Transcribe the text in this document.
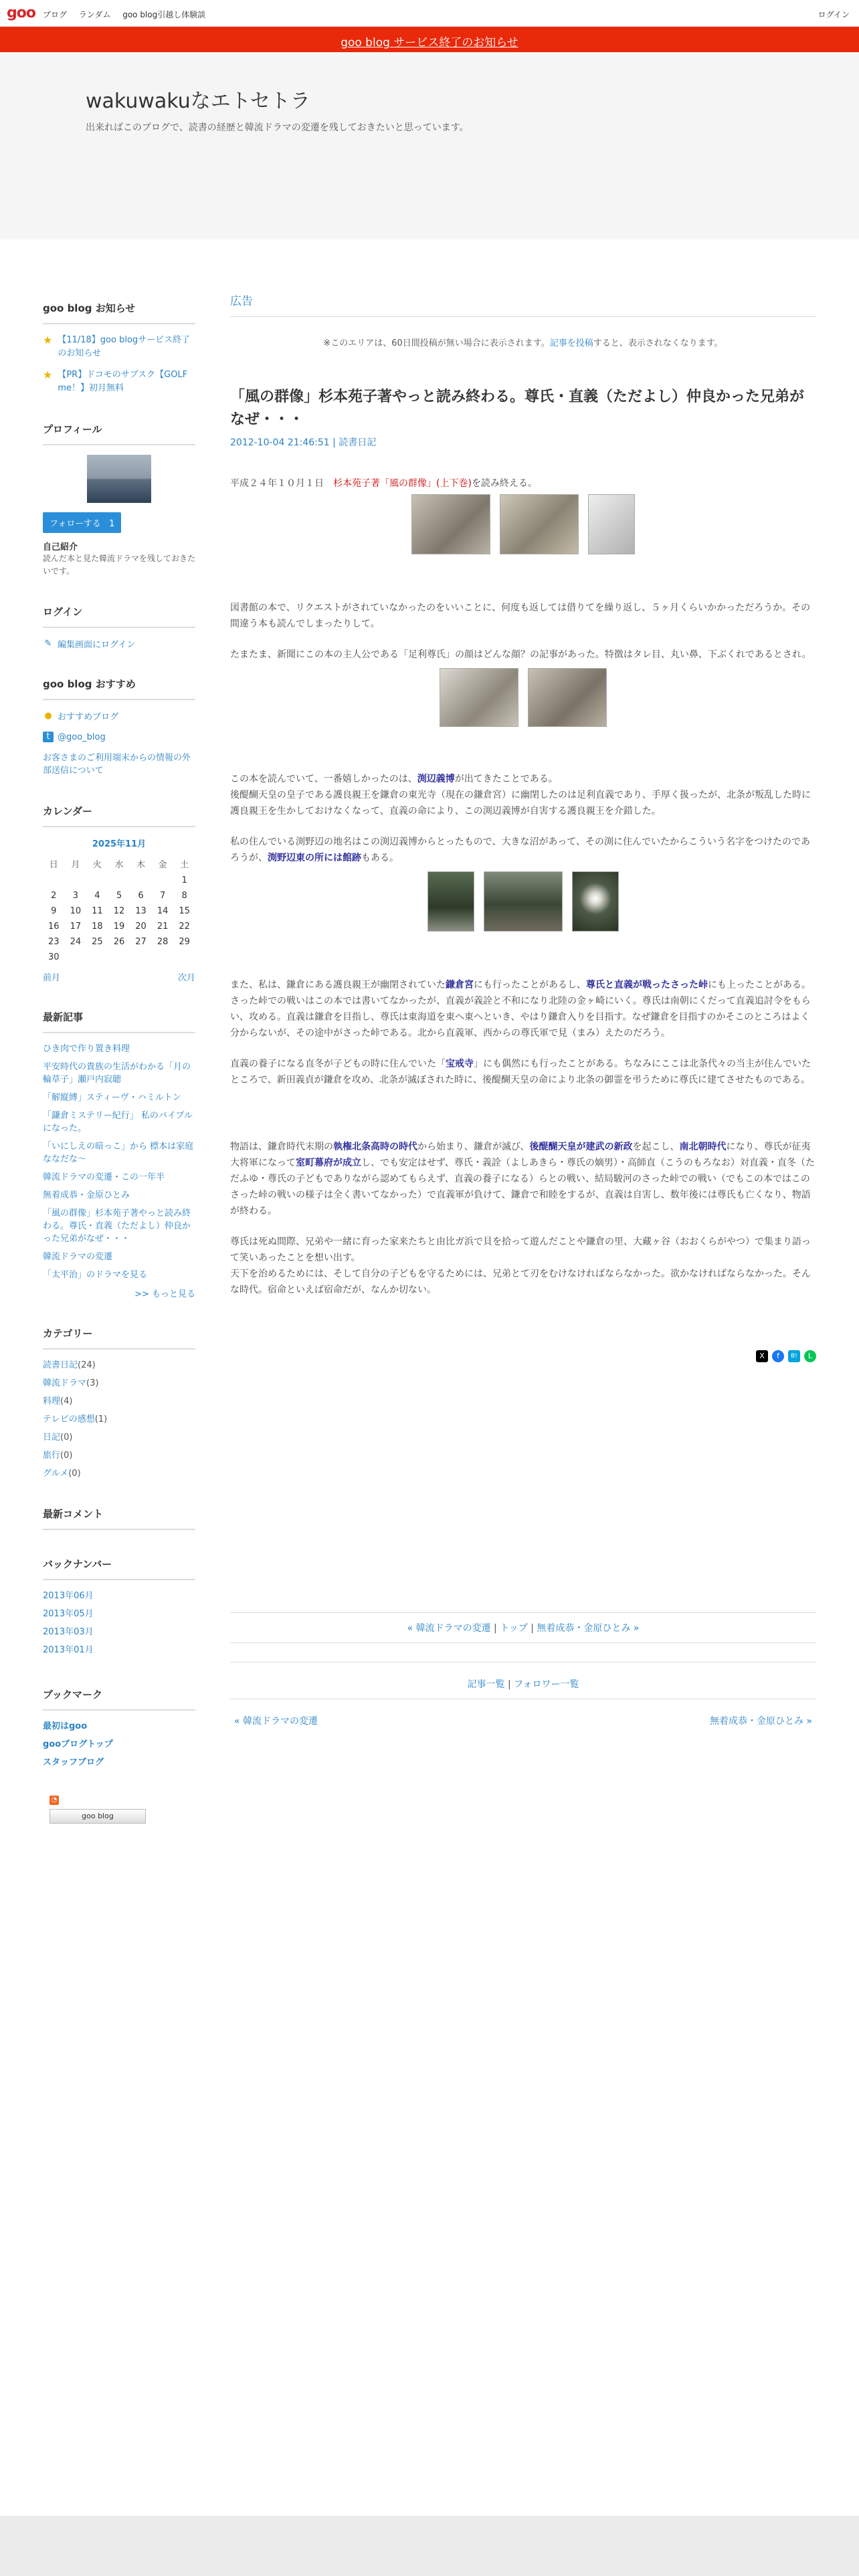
goo ブログ ランダム goo blog引越し体験談	ログイン
goo blog サービス終了のお知らせ
wakuwakuなエトセトラ
出来ればこのブログで、読書の経歴と韓流ドラマの変遷を残しておきたいと思っています。
goo blog お知らせ
★ 【11/18】goo blogサービス終了のお知らせ
★ 【PR】ドコモのサブスク【GOLF me！】初月無料
プロフィール
フォローする 1
自己紹介
読んだ本と見た韓流ドラマを残しておきたいです。
ログイン
✎ 編集画面にログイン
goo blog おすすめ
● おすすめブログ
t @goo_blog
お客さまのご利用端末からの情報の外部送信について
カレンダー
2025年11月
日	月	火	水	木	金	土
						1
2	3	4	5	6	7	8
9	10	11	12	13	14	15
16	17	18	19	20	21	22
23	24	25	26	27	28	29
30						
前月	次月
最新記事
ひき肉で作り置き料理
平安時代の貴族の生活がわかる「月の輪草子」瀬戸内寂聴
「解縦縛」スティーヴ・ハミルトン
「鎌倉ミステリー紀行」 私のバイブルになった。
「いにしえの暗っこ」から 標本は家庭ななだな〜
韓流ドラマの変遷・この一年半
無着成恭・金原ひとみ
「風の群像」杉本苑子著やっと読み終わる。尊氏・直義（ただよし）仲良かった兄弟がなぜ・・・
韓流ドラマの変遷
「太平治」のドラマを見る
>> もっと見る
カテゴリー
読書日記(24)
韓流ドラマ(3)
料理(4)
テレビの感想(1)
日記(0)
旅行(0)
グルメ(0)
最新コメント
バックナンバー
2013年06月
2013年05月
2013年03月
2013年01月
ブックマーク
最初はgoo
gooブログトップ
スタッフブログ
◔
goo blog
広告
※このエリアは、60日間投稿が無い場合に表示されます。記事を投稿すると、表示されなくなります。
「風の群像」杉本苑子著やっと読み終わる。尊氏・直義（ただよし）仲良かった兄弟がなぜ・・・
2012-10-04 21:46:51 | 読書日記
平成２４年１０月１日　杉本苑子著「風の群像」(上下巻)を読み終える。
図書館の本で、リクエストがされていなかったのをいいことに、何度も返しては借りてを繰り返し、５ヶ月くらいかかっただろうか。その間違う本も読んでしまったりして。
たまたま、新聞にこの本の主人公である「足利尊氏」の顔はどんな顔？の記事があった。特徴はタレ目、丸い鼻、下ぶくれであるとされ。
この本を読んでいて、一番嬉しかったのは、渕辺義博が出てきたことである。
後醍醐天皇の皇子である護良親王を鎌倉の東光寺（現在の鎌倉宮）に幽閉したのは足利直義であり、手厚く扱ったが、北条が叛乱した時に護良親王を生かしておけなくなって、直義の命により、この渕辺義博が自害する護良親王を介錯した。
私の住んでいる渕野辺の地名はこの渕辺義博からとったもので、大きな沼があって、その渕に住んでいたからこういう名字をつけたのであろうが、渕野辺東の所には館跡もある。
また、私は、鎌倉にある護良親王が幽閉されていた鎌倉宮にも行ったことがあるし、尊氏と直義が戦ったさった峠にも上ったことがある。さった峠での戦いはこの本では書いてなかったが、直義が義詮と不和になり北陸の金ヶ崎にいく。尊氏は南朝にくだって直義追討令をもらい、攻める。直義は鎌倉を目指し、尊氏は東海道を東へ東へといき、やはり鎌倉入りを目指す。なぜ鎌倉を目指すのかそこのところはよく分からないが、その途中がさった峠である。北から直義軍、西からの尊氏軍で見（まみ）えたのだろう。
直義の養子になる直冬が子どもの時に住んでいた「宝戒寺」にも偶然にも行ったことがある。ちなみにここは北条代々の当主が住んでいたところで、新田義貞が鎌倉を攻め、北条が滅ぼされた時に、後醍醐天皇の命により北条の御霊を弔うために尊氏に建てさせたものである。
物語は、鎌倉時代末期の執権北条高時の時代から始まり、鎌倉が滅び、後醍醐天皇が建武の新政を起こし、南北朝時代になり、尊氏が征夷大将軍になって室町幕府が成立し、でも安定はせず、尊氏・義詮（よしあきら・尊氏の嫡男）・高師直（こうのもろなお）対直義・直冬（ただふゆ・尊氏の子どもでありながら認めてもらえず、直義の養子になる）らとの戦い、結局駿河のさった峠での戦い（でもこの本ではこのさった峠の戦いの様子は全く書いてなかった）で直義軍が負けて、鎌倉で和睦をするが、直義は自害し、数年後には尊氏も亡くなり、物語が終わる。
尊氏は死ぬ間際、兄弟や一緒に育った家来たちと由比ガ浜で貝を拾って遊んだことや鎌倉の里、大藏ヶ谷（おおくらがやつ）で集まり語って笑いあったことを想い出す。
天下を治めるためには、そして自分の子どもを守るためには、兄弟とて刃をむけなければならなかった。欲かなければならなかった。そんな時代。宿命といえば宿命だが、なんか切ない。
X	f	B!	L
« 韓流ドラマの変遷 | トップ | 無着成恭・金原ひとみ »
記事一覧 | フォロワー一覧
« 韓流ドラマの変遷	無着成恭・金原ひとみ »
